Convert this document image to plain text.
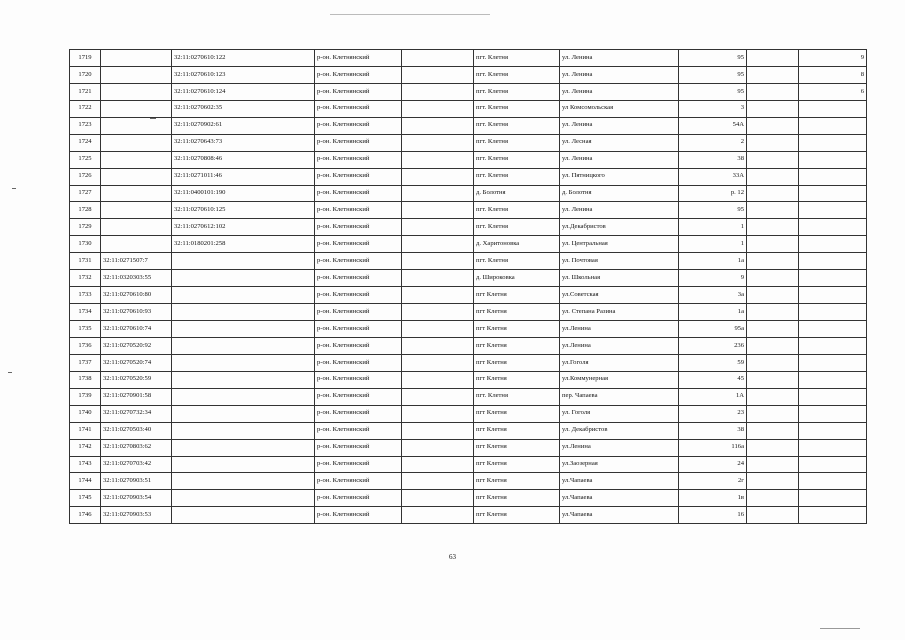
1719		32:11:0270610:122	р-он. Клетнянский		пгт. Клетня	ул. Ленина	95		9
1720		32:11:0270610:123	р-он. Клетнянский		пгт. Клетня	ул. Ленина	95		8
1721		32:11:0270610:124	р-он. Клетнянский		пгт. Клетня	ул. Ленина	95		6
1722		32:11:0270602:35	р-он. Клетнянский		пгт. Клетня	ул Комсомольская	3		
1723		32:11:0270902:61	р-он. Клетнянский		пгт. Клетня	ул. Ленина	54А		
1724		32:11:0270643:73	р-он. Клетнянский		пгт. Клетня	ул. Лесная	2		
1725		32:11:0270808:46	р-он. Клетнянский		пгт. Клетня	ул. Ленина	38		
1726		32:11:0271011:46	р-он. Клетнянский		пгт. Клетня	ул. Пятницкого	33А		
1727		32:11:0400101:190	р-он. Клетнянский		д. Болотня	д. Болотня	р. 12		
1728		32:11:0270610:125	р-он. Клетнянский		пгт. Клетня	ул. Ленина	95		
1729		32:11:0270612:102	р-он. Клетнянский		пгт. Клетня	ул.Декабристов	1		
1730		32:11:0180201:258	р-он. Клетнянский		д. Харитоновка	ул. Центральная	1		
1731	32:11:0271507:7		р-он. Клетнянский		пгт. Клетня	ул. Почтовая	1а		
1732	32:11:0320303:55		р-он. Клетнянский		д. Широковка	ул. Школьная	9		
1733	32:11:0270610:80		р-он. Клетнянский		пгт Клетня	ул.Советская	3а		
1734	32:11:0270610:93		р-он. Клетнянский		пгт Клетня	ул. Степана Разина	1а		
1735	32:11:0270610:74		р-он. Клетнянский		пгт Клетня	ул.Ленина	95а		
1736	32:11:0270520:92		р-он. Клетнянский		пгт Клетня	ул.Ленина	236		
1737	32:11:0270520:74		р-он. Клетнянский		пгт Клетня	ул.Гоголя	59		
1738	32:11:0270520:59		р-он. Клетнянский		пгт Клетня	ул.Коммунерная	45		
1739	32:11:0270901:58		р-он. Клетнянский		пгт. Клетня	пер. Чапаева	1А		
1740	32:11:0270732:34		р-он. Клетнянский		пгт Клетня	ул. Гоголя	23		
1741	32:11:0270503:40		р-он. Клетнянский		пгт Клетня	ул. Декабристов	38		
1742	32:11:0270803:62		р-он. Клетнянский		пгт Клетня	ул.Ленина	116а		
1743	32:11:0270703:42		р-он. Клетнянский		пгт Клетня	ул.Заозерная	24		
1744	32:11:0270903:51		р-он. Клетнянский		пгт Клетня	ул.Чапаева	2г		
1745	32:11:0270903:54		р-он. Клетнянский		пгт Клетня	ул.Чапаева	1в		
1746	32:11:0270903:53		р-он. Клетнянский		пгт Клетня	ул.Чапаева	16		
63
